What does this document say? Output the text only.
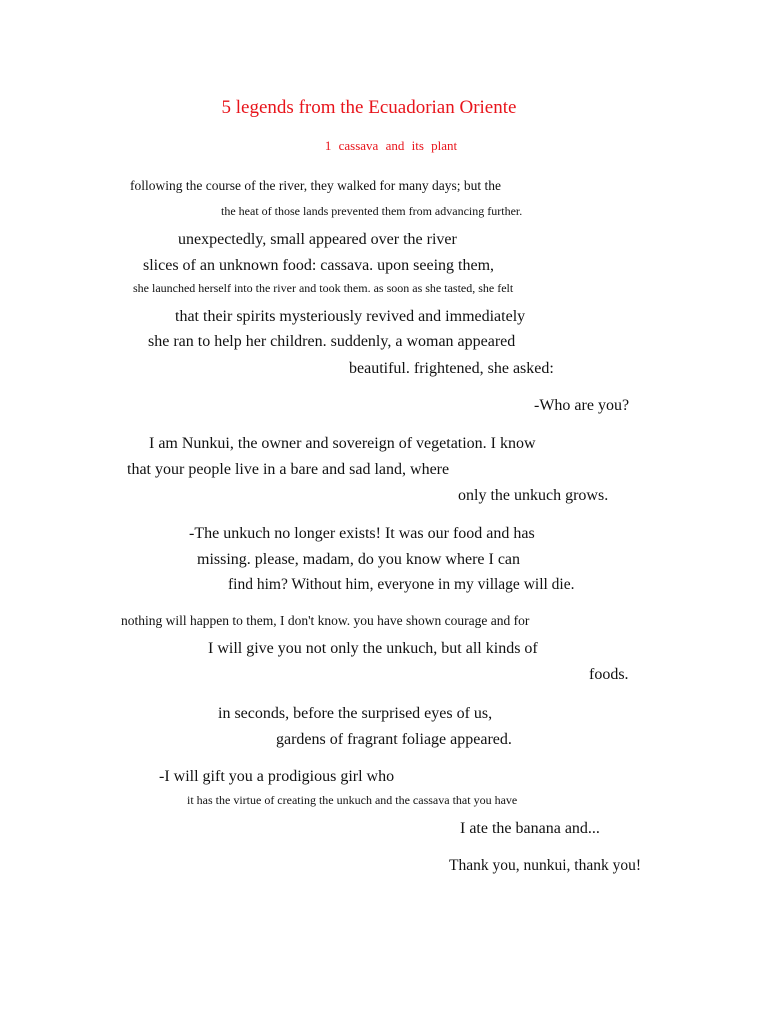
5 legends from the Ecuadorian Oriente
1 cassava and its plant
following the course of the river, they walked for many days; but the
the heat of those lands prevented them from advancing further.
unexpectedly, small appeared over the river
slices of an unknown food: cassava. upon seeing them,
she launched herself into the river and took them. as soon as she tasted, she felt
that their spirits mysteriously revived and immediately
she ran to help her children. suddenly, a woman appeared
beautiful. frightened, she asked:
-Who are you?
I am Nunkui, the owner and sovereign of vegetation. I know
that your people live in a bare and sad land, where
only the unkuch grows.
-The unkuch no longer exists! It was our food and has
missing. please, madam, do you know where I can
find him? Without him, everyone in my village will die.
nothing will happen to them, I don't know. you have shown courage and for
I will give you not only the unkuch, but all kinds of
foods.
in seconds, before the surprised eyes of us,
gardens of fragrant foliage appeared.
-I will gift you a prodigious girl who
it has the virtue of creating the unkuch and the cassava that you have
I ate the banana and...
Thank you, nunkui, thank you!
